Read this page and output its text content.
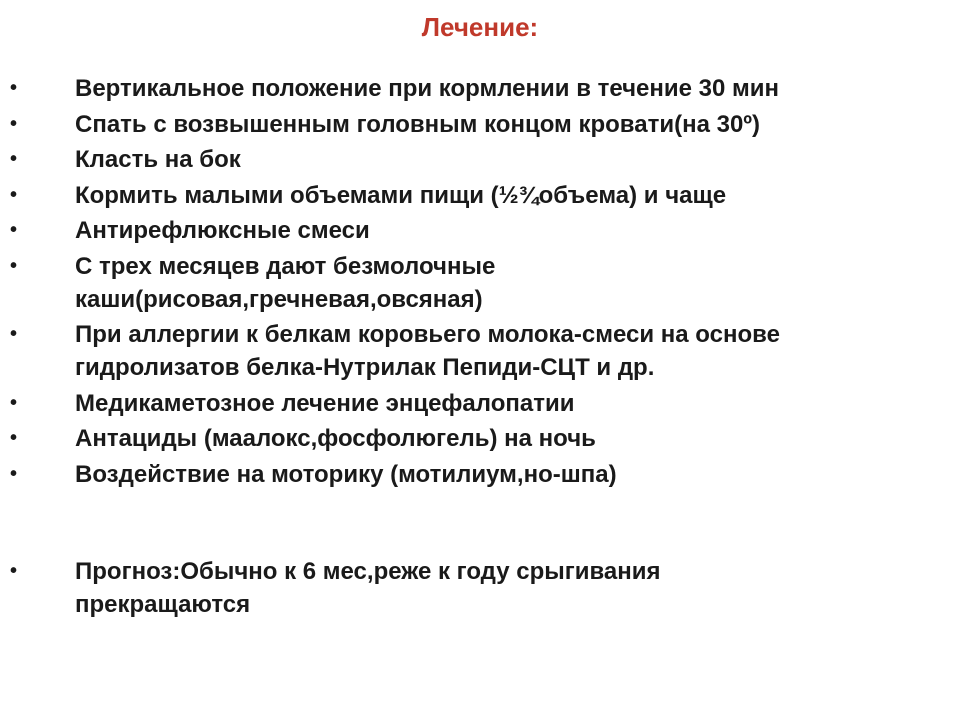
Лечение:
• Вертикальное положение при кормлении в течение 30 мин
• Спать с возвышенным головным концом кровати(на 30º)
• Класть на бок
• Кормить малыми объемами пищи (½¾объема) и чаще
• Антирефлюксные смеси
• С трех месяцев дают безмолочные каши(рисовая,гречневая,овсяная)
• При аллергии к белкам коровьего молока-смеси на основе гидролизатов белка-Нутрилак Пепиди-СЦТ и др.
• Медикаметозное лечение энцефалопатии
• Антациды (маалокс,фосфолюгель) на ночь
• Воздействие на моторику (мотилиум,но-шпа)
• Прогноз:Обычно к 6 мес,реже к году срыгивания прекращаются
